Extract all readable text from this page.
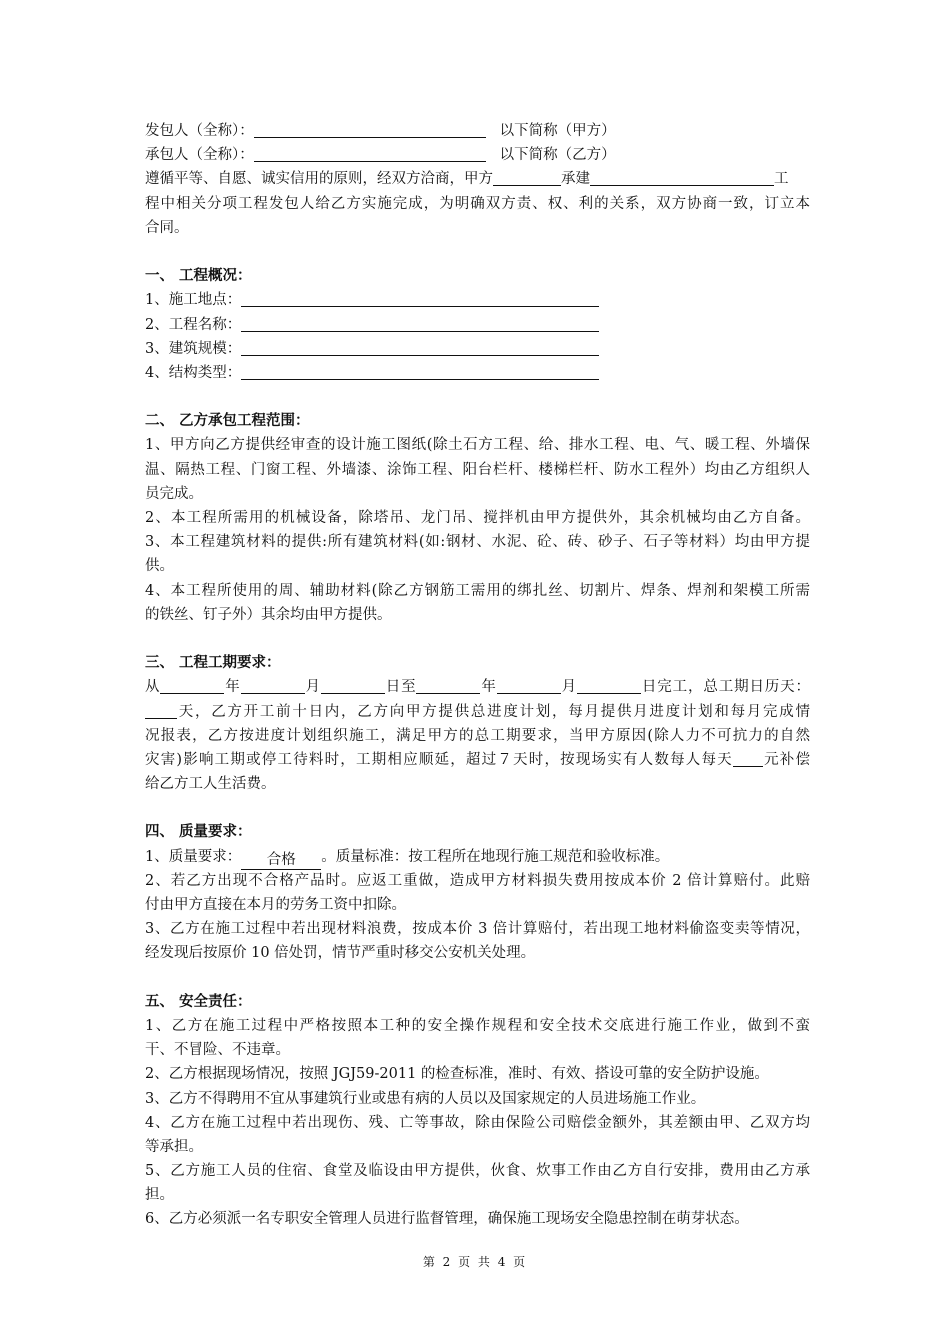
发包人（全称）：	以下简称（甲方）
承包人（全称）：	以下简称（乙方）
遵循平等、自愿、诚实信用的原则，经双方洽商，甲方	承建	工
程中相关分项工程发包人给乙方实施完成，为明确双方责、权、利的关系，双方协商一致，订立本
合同。
一、 工程概况：
1、施工地点：
2、工程名称：
3、建筑规模：
4、结构类型：
二、 乙方承包工程范围：
1、甲方向乙方提供经审查的设计施工图纸(除土石方工程、给、排水工程、电、气、暖工程、外墙保
温、隔热工程、门窗工程、外墙漆、涂饰工程、阳台栏杆、楼梯栏杆、防水工程外）均由乙方组织人
员完成。
2、本工程所需用的机械设备，除塔吊、龙门吊、搅拌机由甲方提供外，其余机械均由乙方自备。
3、本工程建筑材料的提供:所有建筑材料(如:钢材、水泥、砼、砖、砂子、石子等材料）均由甲方提
供。
4、本工程所使用的周、辅助材料(除乙方钢筋工需用的绑扎丝、切割片、焊条、焊剂和架模工所需
的铁丝、钉子外）其余均由甲方提供。
三、 工程工期要求：
从	年	月	日至	年	月	日完工，总工期日历天：
天，乙方开工前十日内，乙方向甲方提供总进度计划，每月提供月进度计划和每月完成情
况报表，乙方按进度计划组织施工，满足甲方的总工期要求，当甲方原因(除人力不可抗力的自然
灾害)影响工期或停工待料时，工期相应顺延，超过７天时，按现场实有人数每人每天 元补偿
给乙方工人生活费。
四、 质量要求：
1、质量要求： 合格 。质量标准：按工程所在地现行施工规范和验收标准。
2、若乙方出现不合格产品时。应返工重做，造成甲方材料损失费用按成本价 2 倍计算赔付。此赔
付由甲方直接在本月的劳务工资中扣除。
3、乙方在施工过程中若出现材料浪费，按成本价 3 倍计算赔付，若出现工地材料偷盗变卖等情况，
经发现后按原价 10 倍处罚，情节严重时移交公安机关处理。
五、 安全责任：
1、乙方在施工过程中严格按照本工种的安全操作规程和安全技术交底进行施工作业，做到不蛮
干、不冒险、不违章。
2、乙方根据现场情况，按照 JGJ59-2011 的检查标准，准时、有效、搭设可靠的安全防护设施。
3、乙方不得聘用不宜从事建筑行业或患有病的人员以及国家规定的人员进场施工作业。
4、乙方在施工过程中若出现伤、残、亡等事故，除由保险公司赔偿金额外，其差额由甲、乙双方均
等承担。
5、乙方施工人员的住宿、食堂及临设由甲方提供，伙食、炊事工作由乙方自行安排，费用由乙方承
担。
6、乙方必须派一名专职安全管理人员进行监督管理，确保施工现场安全隐患控制在萌芽状态。
第 2 页 共 4 页
